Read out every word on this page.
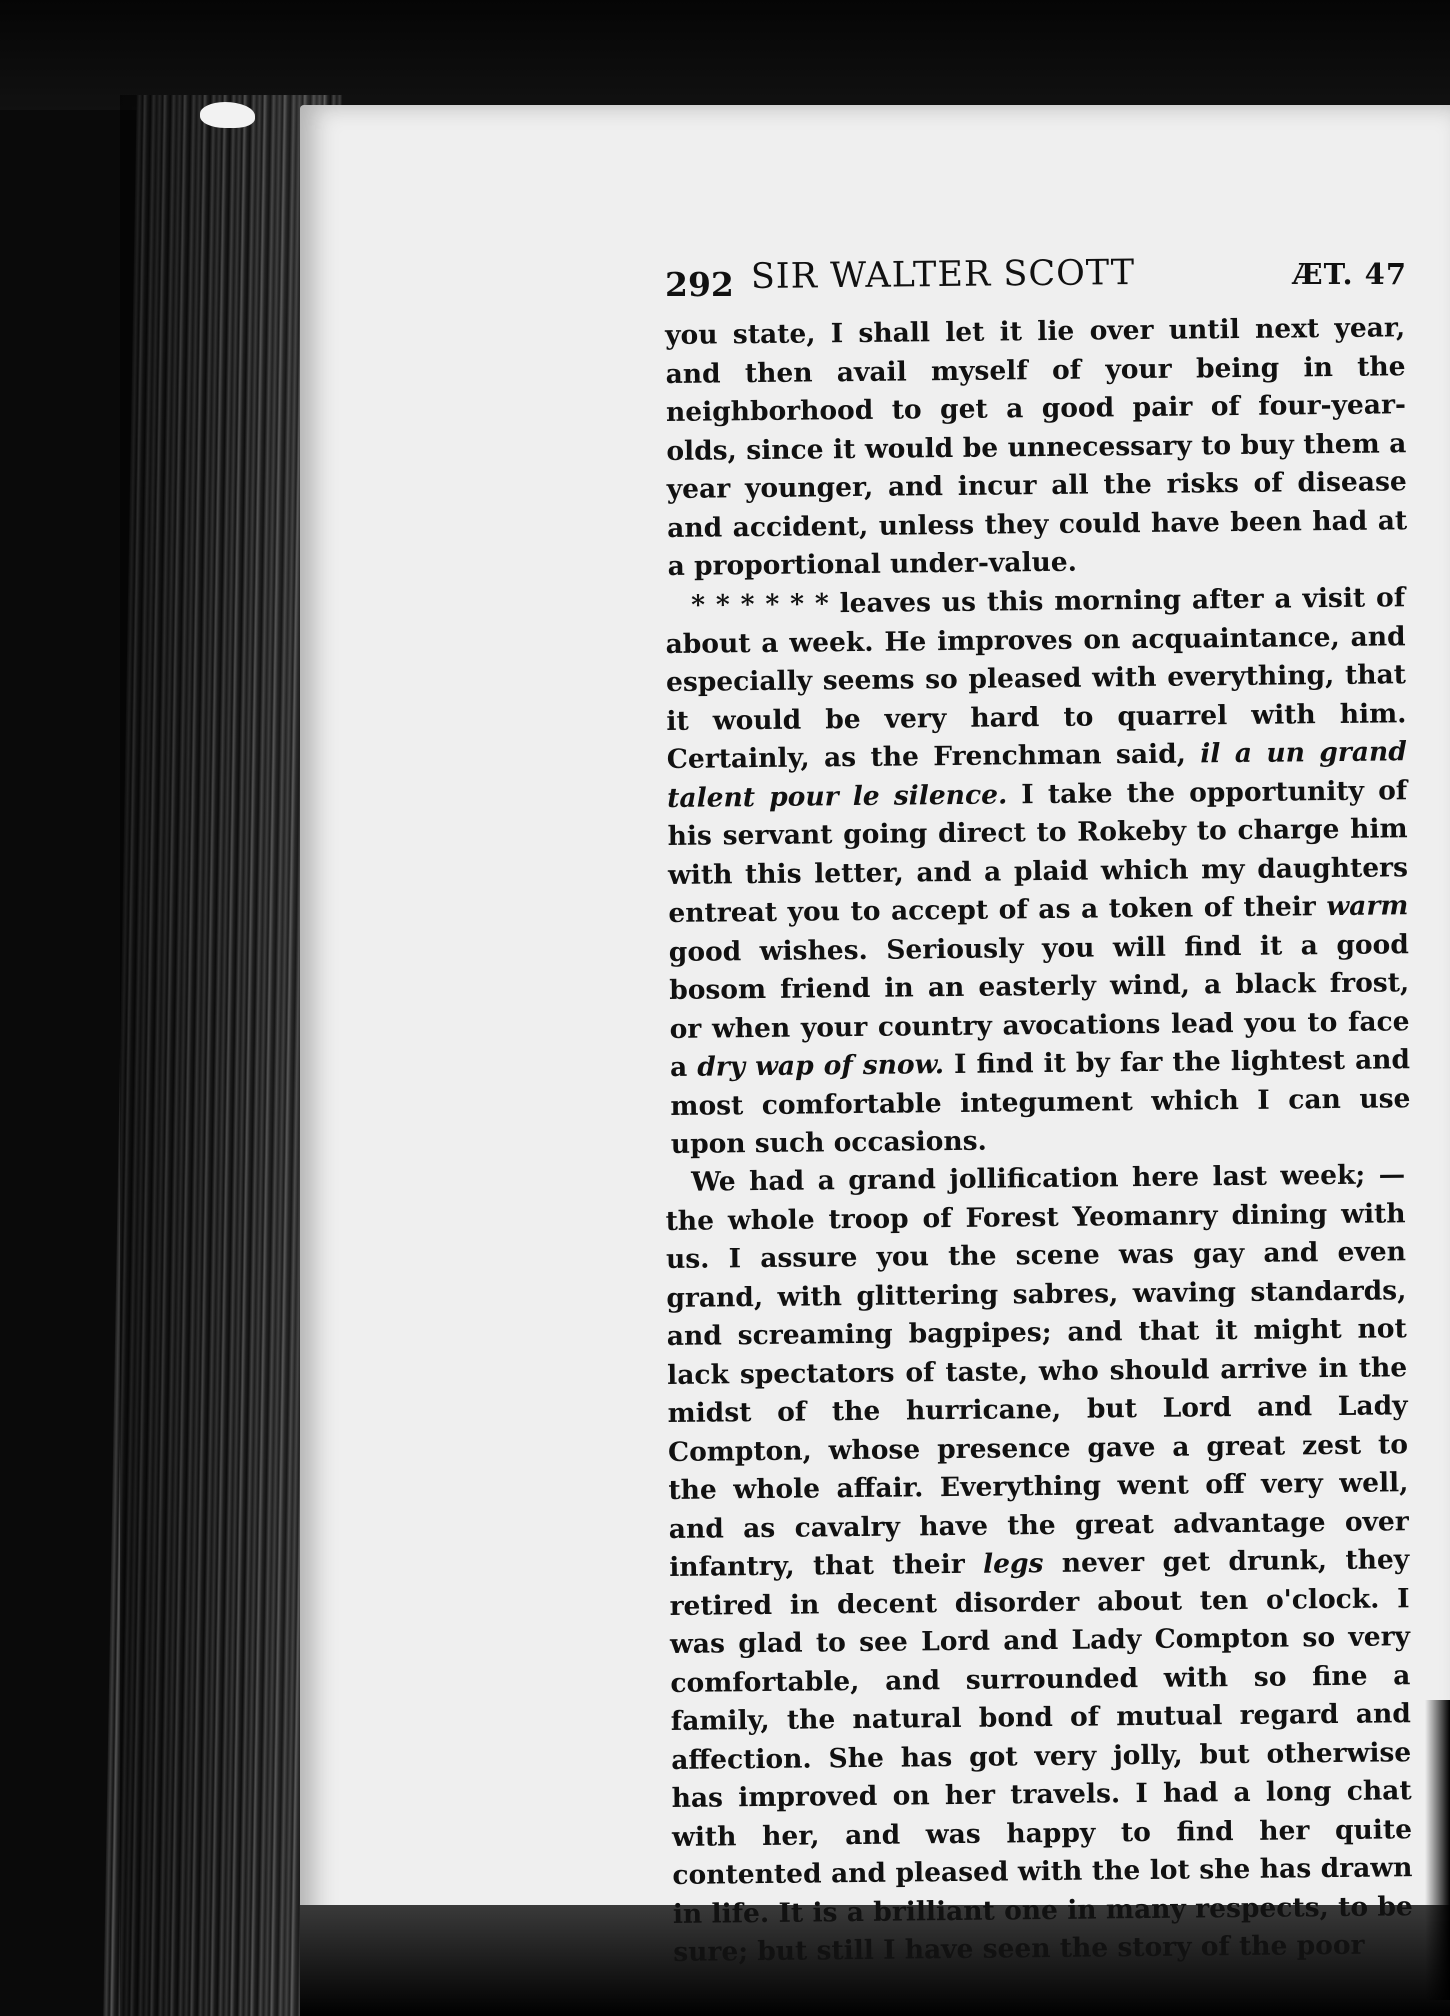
292 SIR WALTER SCOTT	ÆT. 47

you state, I shall let it lie over until next year, and then avail myself of your being in the neighborhood to get a good pair of four-year-olds, since it would be unnecessary to buy them a year younger, and incur all the risks of disease and accident, unless they could have been had at a proportional under-value.

* * * * * * leaves us this morning after a visit of about a week. He improves on acquaintance, and especially seems so pleased with everything, that it would be very hard to quarrel with him. Certainly, as the Frenchman said, il a un grand talent pour le silence. I take the opportunity of his servant going direct to Rokeby to charge him with this letter, and a plaid which my daughters entreat you to accept of as a token of their warm good wishes. Seriously you will find it a good bosom friend in an easterly wind, a black frost, or when your country avocations lead you to face a dry wap of snow. I find it by far the lightest and most comfortable integument which I can use upon such occasions.

We had a grand jollification here last week; — the whole troop of Forest Yeomanry dining with us. I assure you the scene was gay and even grand, with glittering sabres, waving standards, and screaming bagpipes; and that it might not lack spectators of taste, who should arrive in the midst of the hurricane, but Lord and Lady Compton, whose presence gave a great zest to the whole affair. Everything went off very well, and as cavalry have the great advantage over infantry, that their legs never get drunk, they retired in decent disorder about ten o'clock. I was glad to see Lord and Lady Compton so very comfortable, and surrounded with so fine a family, the natural bond of mutual regard and affection. She has got very jolly, but otherwise has improved on her travels. I had a long chat with her, and was happy to find her quite contented and pleased with the lot she has drawn in life. It is a brilliant one in many respects, to be sure; but still I have seen the story of the poor
